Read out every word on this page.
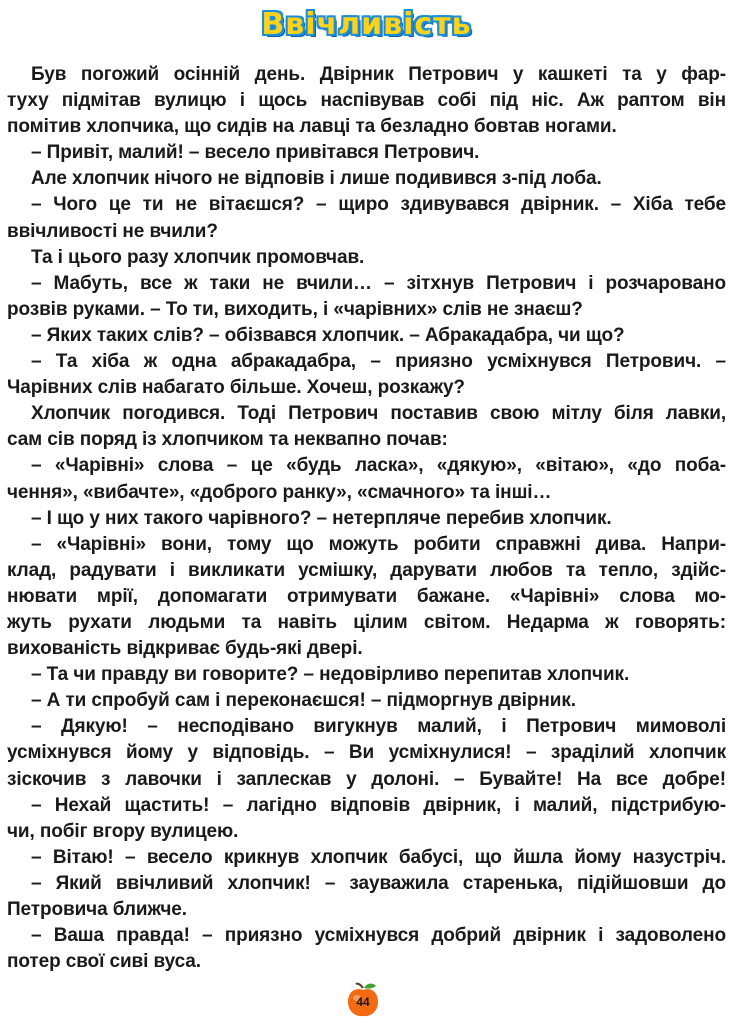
Ввічливість
Був погожий осінній день. Двірник Петрович у кашкеті та у фар-
туху підмітав вулицю і щось наспівував собі під ніс. Аж раптом він
помітив хлопчика, що сидів на лавці та безладно бовтав ногами.
– Привіт, малий! – весело привітався Петрович.
Але хлопчик нічого не відповів і лише подивився з-під лоба.
– Чого це ти не вітаєшся? – щиро здивувався двірник. – Хіба тебе
ввічливості не вчили?
Та і цього разу хлопчик промовчав.
– Мабуть, все ж таки не вчили… – зітхнув Петрович і розчаровано
розвів руками. – То ти, виходить, і «чарівних» слів не знаєш?
– Яких таких слів? – обізвався хлопчик. – Абракадабра, чи що?
– Та хіба ж одна абракадабра, – приязно усміхнувся Петрович. –
Чарівних слів набагато більше. Хочеш, розкажу?
Хлопчик погодився. Тоді Петрович поставив свою мітлу біля лавки,
сам сів поряд із хлопчиком та неквапно почав:
– «Чарівні» слова – це «будь ласка», «дякую», «вітаю», «до поба-
чення», «вибачте», «доброго ранку», «смачного» та інші…
– І що у них такого чарівного? – нетерпляче перебив хлопчик.
– «Чарівні» вони, тому що можуть робити справжні дива. Напри-
клад, радувати і викликати усмішку, дарувати любов та тепло, здійс-
нювати мрії, допомагати отримувати бажане. «Чарівні» слова мо-
жуть рухати людьми та навіть цілим світом. Недарма ж говорять:
вихованість відкриває будь-які двері.
– Та чи правду ви говорите? – недовірливо перепитав хлопчик.
– А ти спробуй сам і переконаєшся! – підморгнув двірник.
– Дякую! – несподівано вигукнув малий, і Петрович мимоволі
усміхнувся йому у відповідь. – Ви усміхнулися! – зраділий хлопчик
зіскочив з лавочки і заплескав у долоні. – Бувайте! На все добре!
– Нехай щастить! – лагідно відповів двірник, і малий, підстрибую-
чи, побіг вгору вулицею.
– Вітаю! – весело крикнув хлопчик бабусі, що йшла йому назустріч.
– Який ввічливий хлопчик! – зауважила старенька, підійшовши до
Петровича ближче.
– Ваша правда! – приязно усміхнувся добрий двірник і задоволено
потер свої сиві вуса.
44
